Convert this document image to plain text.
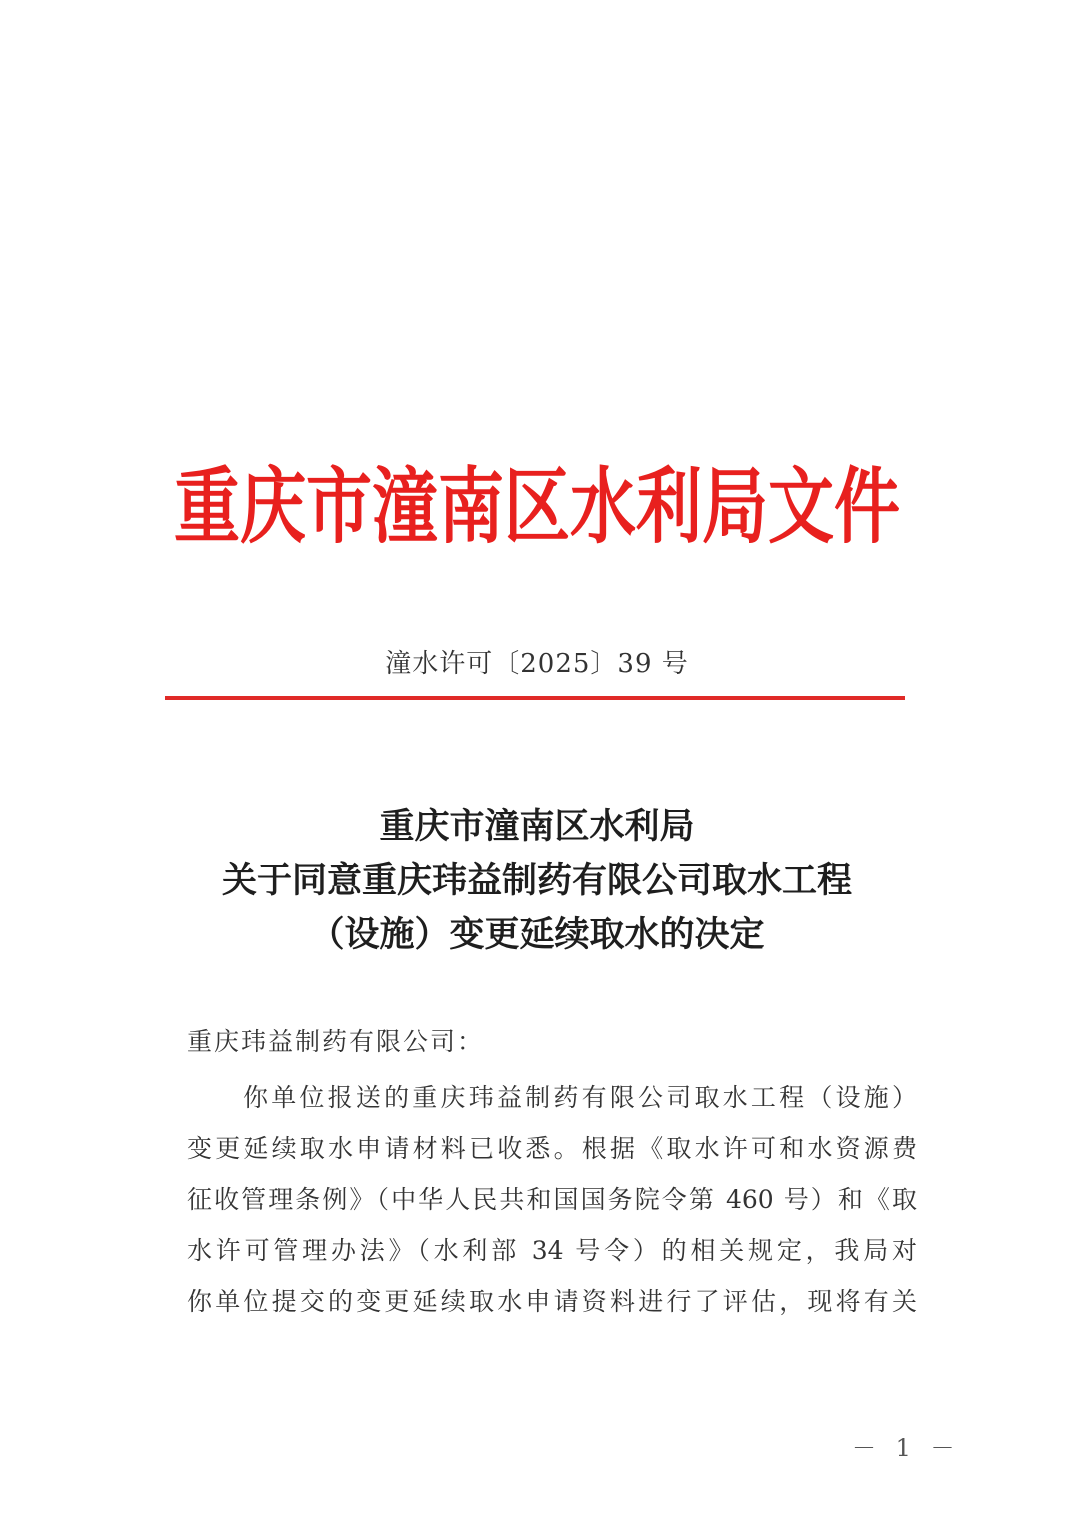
重庆市潼南区水利局文件
潼水许可〔2025〕39 号
重庆市潼南区水利局
关于同意重庆玮益制药有限公司取水工程
（设施）变更延续取水的决定
重庆玮益制药有限公司：
你单位报送的重庆玮益制药有限公司取水工程（设施）
变更延续取水申请材料已收悉。根据《取水许可和水资源费
征收管理条例》（中华人民共和国国务院令第 460 号）和《取
水许可管理办法》（水利部 34 号令）的相关规定，我局对
你单位提交的变更延续取水申请资料进行了评估，现将有关
－ 1 －
